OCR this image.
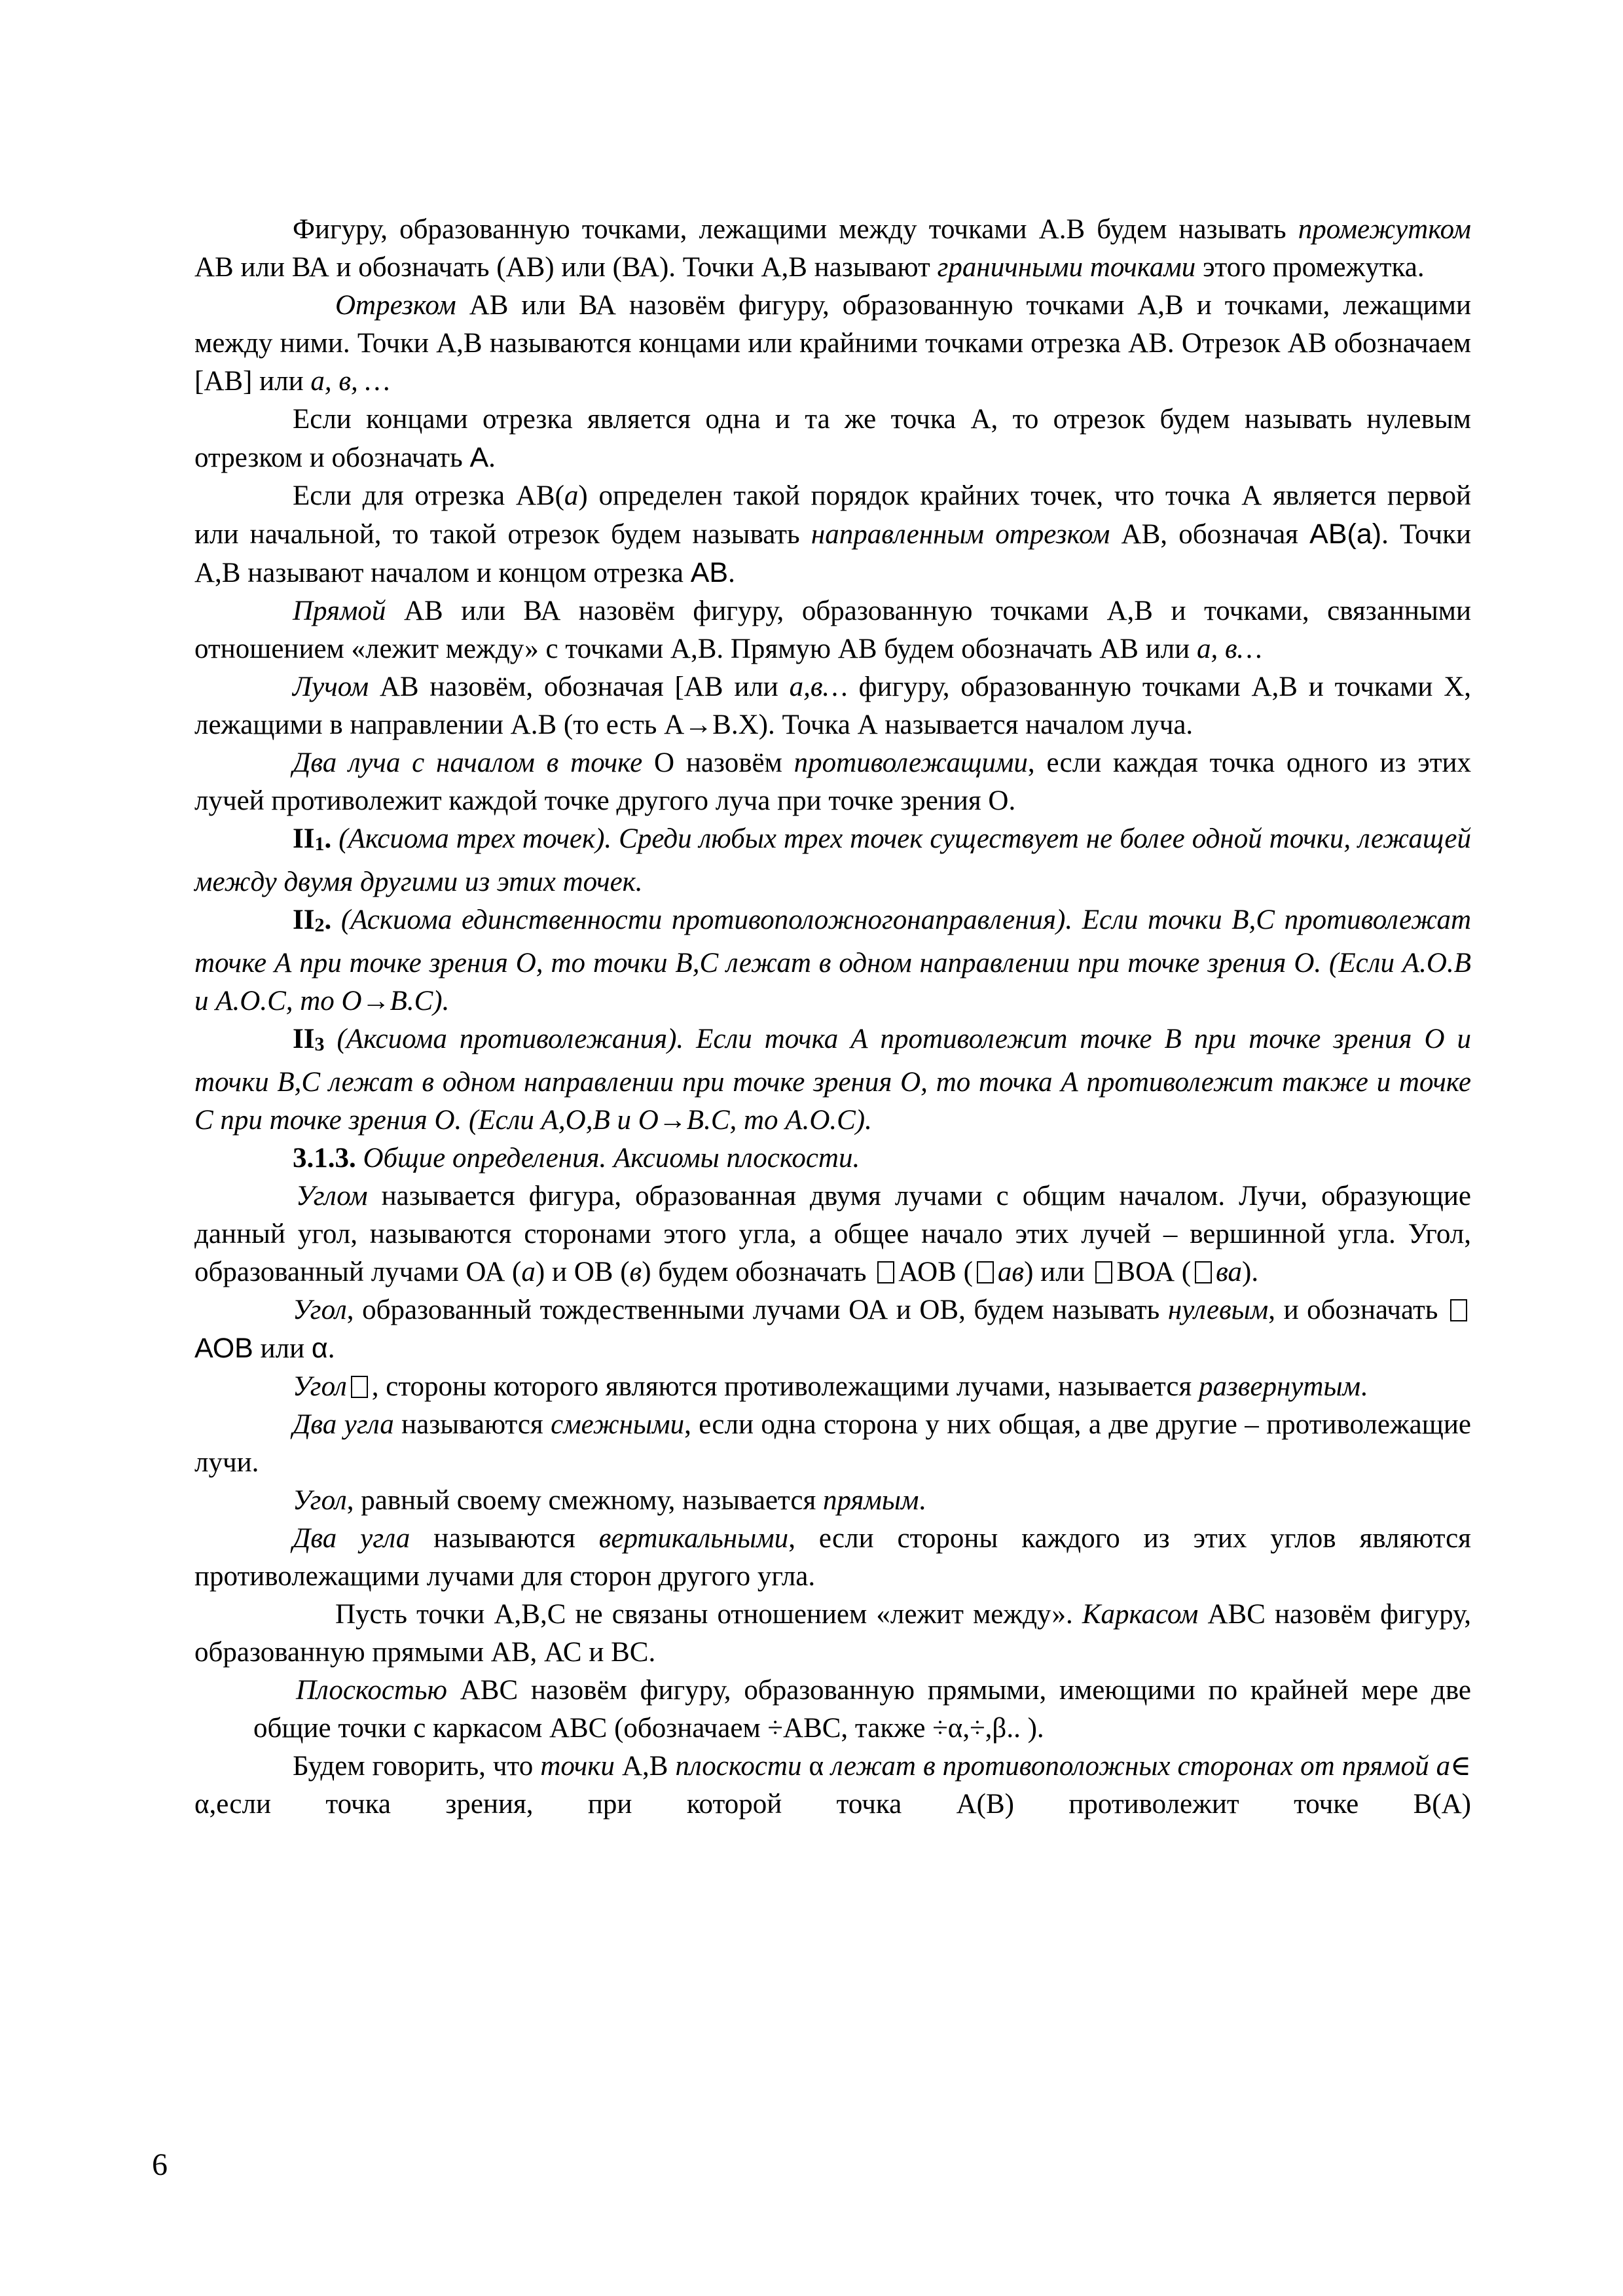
Фигуру, образованную точками, лежащими между точками А.В будем называть промежутком АВ или ВА и обозначать (АВ) или (ВА). Точки А,В называют граничными точками этого промежутка.

Отрезком АВ или ВА назовём фигуру, образованную точками А,В и точками, лежащими между ними. Точки А,В называются концами или крайними точками отрезка АВ. Отрезок АВ обозначаем [АВ] или а, в, …

Если концами отрезка является одна и та же точка А, то отрезок будем называть нулевым отрезком и обозначать А.

Если для отрезка АВ(а) определен такой порядок крайних точек, что точка А является первой или начальной, то такой отрезок будем называть направленным отрезком АВ, обозначая АВ(а). Точки А,В называют началом и концом отрезка АВ.

Прямой АВ или ВА назовём фигуру, образованную точками А,В и точками, связанными отношением «лежит между» с точками А,В. Прямую АВ будем обозначать АВ или а, в…

Лучом АВ назовём, обозначая [АВ или а,в… фигуру, образованную точками А,В и точками Х, лежащими в направлении А.В (то есть А→В.Х). Точка А называется началом луча.

Два луча с началом в точке О назовём противолежащими, если каждая точка одного из этих лучей противолежит каждой точке другого луча при точке зрения О.

II1. (Аксиома трех точек). Среди любых трех точек существует не более одной точки, лежащей между двумя другими из этих точек.

II2. (Аскиома единственности противоположногонаправления). Если точки В,С противолежат точке А при точке зрения О, то точки В,С лежат в одном направлении при точке зрения О. (Если А.О.В и А.О.С, то О→В.С).

II3 (Аксиома противолежания). Если точка А противолежит точке В при точке зрения О и точки В,С лежат в одном направлении при точке зрения О, то точка А противолежит также и точке С при точке зрения О. (Если А,О,В и О→В.С, то А.О.С).

3.1.3. Общие определения. Аксиомы плоскости.

Углом называется фигура, образованная двумя лучами с общим началом. Лучи, образующие данный угол, называются сторонами этого угла, а общее начало этих лучей – вершинной угла. Угол, образованный лучами ОА (а) и ОВ (в) будем обозначать АОВ ( ав) или ВОА ( ва).

Угол, образованный тождественными лучами ОА и ОВ, будем называть нулевым, и обозначать АОВ или α.

Угол , стороны которого являются противолежащими лучами, называется развернутым.

Два угла называются смежными, если одна сторона у них общая, а две другие – противолежащие лучи.

Угол, равный своему смежному, называется прямым.

Два угла называются вертикальными, если стороны каждого из этих углов являются противолежащими лучами для сторон другого угла.

Пусть точки А,В,С не связаны отношением «лежит между». Каркасом АВС назовём фигуру, образованную прямыми АВ, АС и ВС.

Плоскостью АВС назовём фигуру, образованную прямыми, имеющими по крайней мере две общие точки с каркасом АВС (обозначаем ÷АВС, также ÷α,÷,β.. ).

Будем говорить, что точки А,В плоскости α лежат в противоположных сторонах от прямой а∈ α,если точка зрения, при которой точка А(В) противолежит точке В(А)

6
